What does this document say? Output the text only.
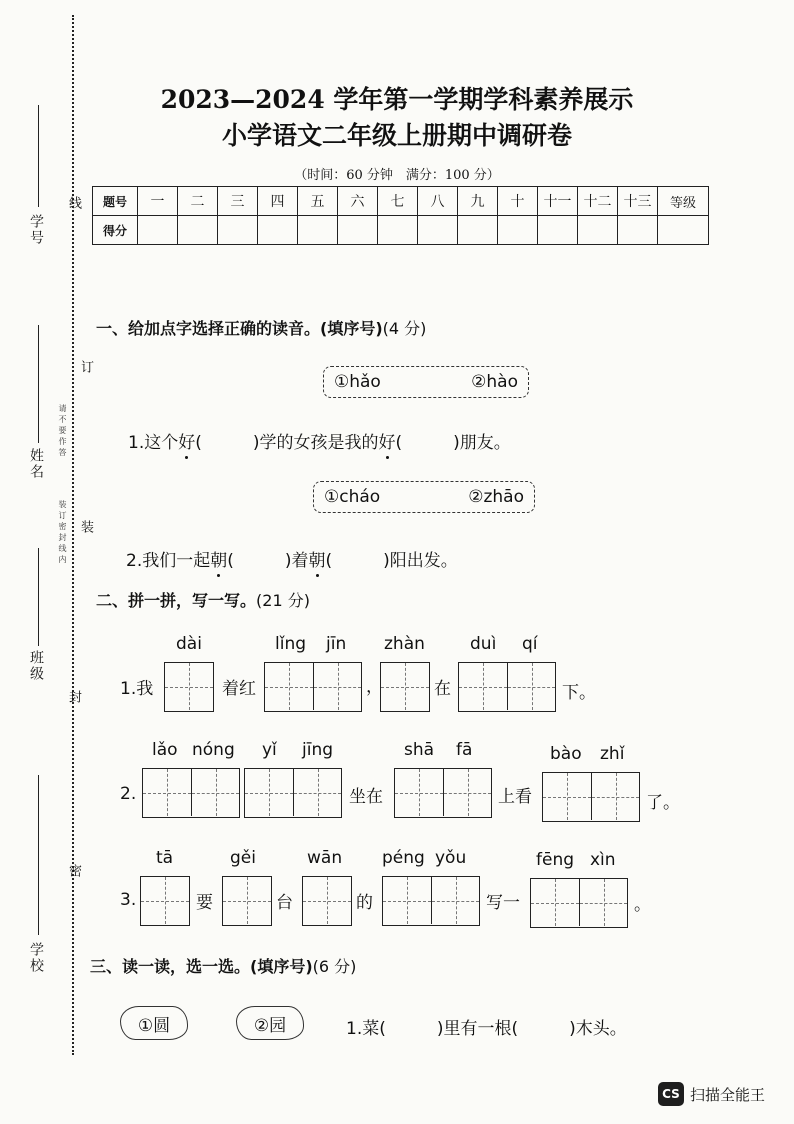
学号
姓名
班级
学校
线
订
装
封
密
请不要作答
装订密封线内
2023—2024 学年第一学期学科素养展示
小学语文二年级上册期中调研卷
（时间：60 分钟　满分：100 分）
题号	一	二	三	四	五	六	七	八	九	十	十一	十二	十三	等级
得分														
一、给加点字选择正确的读音。(填序号)(4 分)
①hǎo	②hào
1.这个好(　　　)学的女孩是我的好(　　　)朋友。
①cháo	②zhāo
2.我们一起朝(　　　)着朝(　　　)阳出发。
二、拼一拼，写一写。(21 分)
1.我
dài
着红
lǐng jīn
，
zhàn
在
duì qí
下。
2.
lǎo nóng yǐ jīng
坐在
shā fā
上看
bào zhǐ
了。
3.
tā
要
gěi
台
wān
的
péng yǒu
写一
fēng xìn
。
三、读一读，选一选。(填序号)(6 分)
①圆	②园	1.菜(　　　)里有一根(　　　)木头。
CS 扫描全能王
